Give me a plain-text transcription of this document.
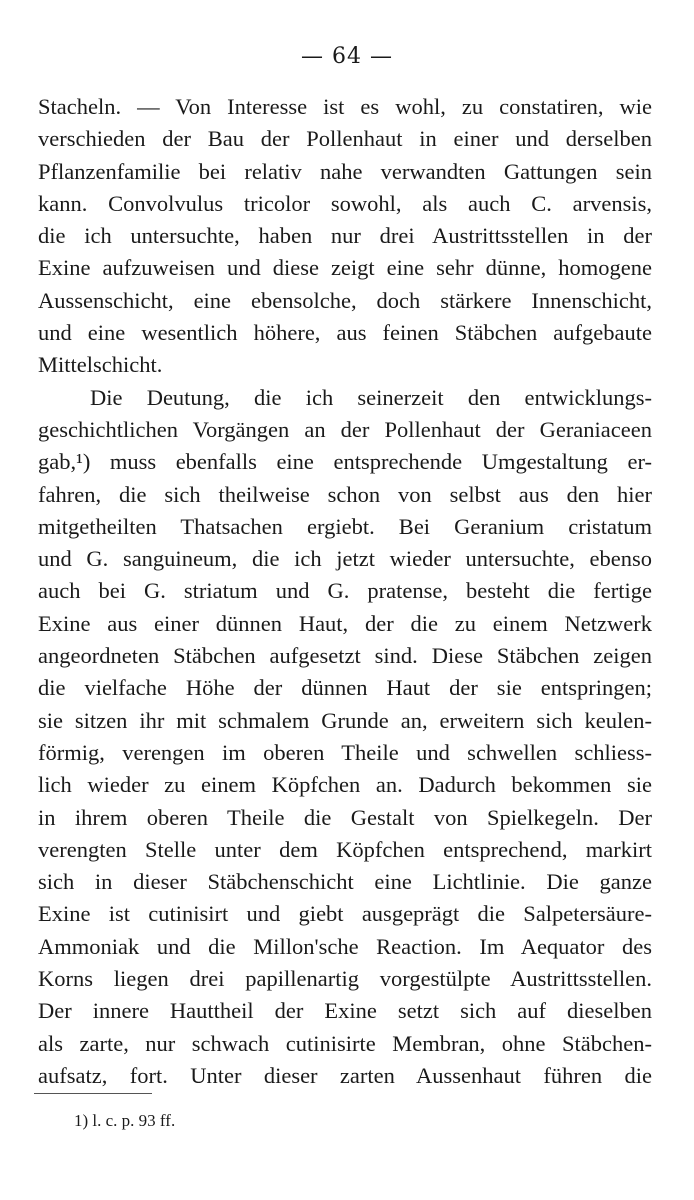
— 64 —
Stacheln. — Von Interesse ist es wohl, zu constatiren, wie
verschieden der Bau der Pollenhaut in einer und derselben
Pflanzenfamilie bei relativ nahe verwandten Gattungen sein
kann. Convolvulus tricolor sowohl, als auch C. arvensis,
die ich untersuchte, haben nur drei Austrittsstellen in der
Exine aufzuweisen und diese zeigt eine sehr dünne, homogene
Aussenschicht, eine ebensolche, doch stärkere Innenschicht,
und eine wesentlich höhere, aus feinen Stäbchen aufgebaute
Mittelschicht.
Die Deutung, die ich seinerzeit den entwicklungs-
geschichtlichen Vorgängen an der Pollenhaut der Geraniaceen
gab,¹) muss ebenfalls eine entsprechende Umgestaltung er-
fahren, die sich theilweise schon von selbst aus den hier
mitgetheilten Thatsachen ergiebt. Bei Geranium cristatum
und G. sanguineum, die ich jetzt wieder untersuchte, ebenso
auch bei G. striatum und G. pratense, besteht die fertige
Exine aus einer dünnen Haut, der die zu einem Netzwerk
angeordneten Stäbchen aufgesetzt sind. Diese Stäbchen zeigen
die vielfache Höhe der dünnen Haut der sie entspringen;
sie sitzen ihr mit schmalem Grunde an, erweitern sich keulen-
förmig, verengen im oberen Theile und schwellen schliess-
lich wieder zu einem Köpfchen an. Dadurch bekommen sie
in ihrem oberen Theile die Gestalt von Spielkegeln. Der
verengten Stelle unter dem Köpfchen entsprechend, markirt
sich in dieser Stäbchenschicht eine Lichtlinie. Die ganze
Exine ist cutinisirt und giebt ausgeprägt die Salpetersäure-
Ammoniak und die Millon'sche Reaction. Im Aequator des
Korns liegen drei papillenartig vorgestülpte Austrittsstellen.
Der innere Hauttheil der Exine setzt sich auf dieselben
als zarte, nur schwach cutinisirte Membran, ohne Stäbchen-
aufsatz, fort. Unter dieser zarten Aussenhaut führen die
1) l. c. p. 93 ff.
